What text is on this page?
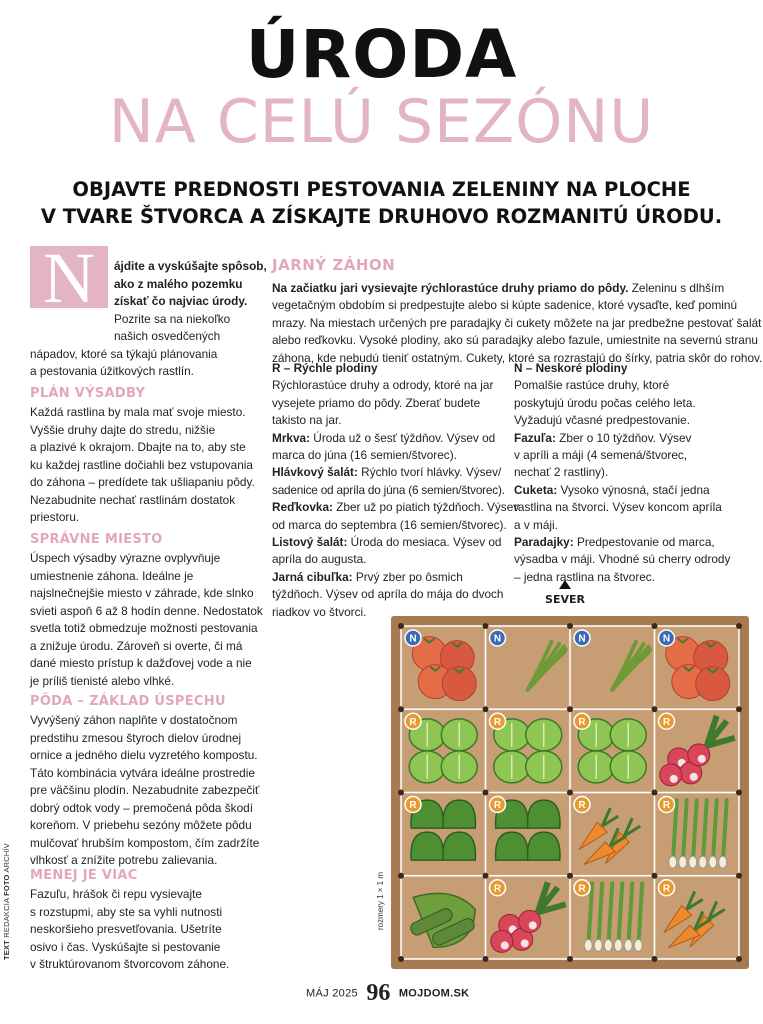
ÚRODA
NA CELÚ SEZÓNU
OBJAVTE PREDNOSTI PESTOVANIA ZELENINY NA PLOCHE
V TVARE ŠTVORCA A ZÍSKAJTE DRUHOVO ROZMANITÚ ÚRODU.
N	ájdite a vyskúšajte spôsob,
ako z malého pozemku
získať čo najviac úrody.
Pozrite sa na niekoľko
našich osvedčených
nápadov, ktoré sa týkajú plánovania
a pestovania úžitkových rastlín.
PLÁN VÝSADBY
Každá rastlina by mala mať svoje miesto.
Vyššie druhy dajte do stredu, nižšie
a plazivé k okrajom. Dbajte na to, aby ste
ku každej rastline dočiahli bez vstupovania
do záhona – predídete tak ušliapaniu pôdy.
Nezabudnite nechať rastlinám dostatok
priestoru.
SPRÁVNE MIESTO
Úspech výsadby výrazne ovplyvňuje
umiestnenie záhona. Ideálne je
najslnečnejšie miesto v záhrade, kde slnko
svieti aspoň 6 až 8 hodín denne. Nedostatok
svetla totiž obmedzuje možnosti pestovania
a znižuje úrodu. Zároveň si overte, či má
dané miesto prístup k dažďovej vode a nie
je príliš tienisté alebo vlhké.
PÔDA – ZÁKLAD ÚSPECHU
Vyvýšený záhon naplňte v dostatočnom
predstihu zmesou štyroch dielov úrodnej
ornice a jedného dielu vyzretého kompostu.
Táto kombinácia vytvára ideálne prostredie
pre väčšinu plodín. Nezabudnite zabezpečiť
dobrý odtok vody – premočená pôda škodí
koreňom. V priebehu sezóny môžete pôdu
mulčovať hrubším kompostom, čím zadržíte
vlhkosť a znížite potrebu zalievania.
MENEJ JE VIAC
Fazuľu, hrášok či repu vysievajte
s rozstupmi, aby ste sa vyhli nutnosti
neskoršieho presvetľovania. Ušetríte
osivo i čas. Vyskúšajte si pestovanie
v štruktúrovanom štvorcovom záhone.
TEXT REDAKCIA FOTO ARCHÍV
JARNÝ ZÁHON
Na začiatku jari vysievajte rýchlorastúce druhy priamo do pôdy. Zeleninu s dlhším
vegetačným obdobím si predpestujte alebo si kúpte sadenice, ktoré vysaďte, keď pominú
mrazy. Na miestach určených pre paradajky či cukety môžete na jar predbežne pestovať šalát
alebo reďkovku. Vysoké plodiny, ako sú paradajky alebo fazule, umiestnite na severnú stranu
záhona, kde nebudú tieniť ostatným. Cukety, ktoré sa rozrastajú do šírky, patria skôr do rohov.
R – Rýchle plodiny
Rýchlorastúce druhy a odrody, ktoré na jar
vysejete priamo do pôdy. Zberať budete
takisto na jar.
Mrkva: Úroda už o šesť týždňov. Výsev od
marca do júna (16 semien/štvorec).
Hlávkový šalát: Rýchlo tvorí hlávky. Výsev/
sadenice od apríla do júna (6 semien/štvorec).
Reďkovka: Zber už po piatich týždňoch. Výsev
od marca do septembra (16 semien/štvorec).
Listový šalát: Úroda do mesiaca. Výsev od
apríla do augusta.
Jarná cibuľka: Prvý zber po ôsmich
týždňoch. Výsev od apríla do mája do dvoch
riadkov vo štvorci.
N – Neskoré plodiny
Pomalšie rastúce druhy, ktoré
poskytujú úrodu počas celého leta.
Vyžadujú včasné predpestovanie.
Fazuľa: Zber o 10 týždňov. Výsev
v apríli a máji (4 semená/štvorec,
nechať 2 rastliny).
Cuketa: Vysoko výnosná, stačí jedna
rastlina na štvorci. Výsev koncom apríla
a v máji.
Paradajky: Predpestovanie od marca,
výsadba v máji. Vhodné sú cherry odrody
– jedna rastlina na štvorec.
SEVER
N	N	N	N
R	R	R	R
R	R	R	R
R	R	R
rozmery 1 × 1 m
MÁJ 2025 96 MOJDOM.SK
